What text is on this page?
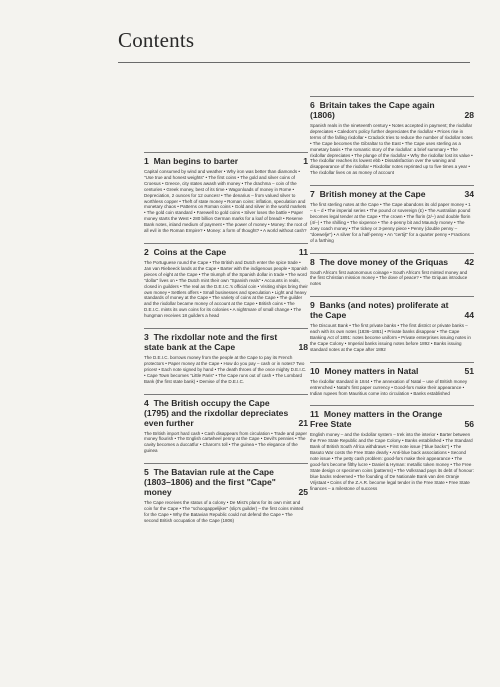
Contents
1 Man begins to barter	1
Capital consumed by wind and weather • Why iron was better than diamonds • "Use true and honest weights" • The first coins • The gold and silver coins of Croesus • Greece, city states awash with money • The drachma – coin of the centuries • Greek money, best of its time • Wagonloads of money in Rome • Depreciation, 2 ounces for 12 ounces! • The denarius – from valued silver to worthless copper • Theft of state money • Roman coins: inflation, speculation and monetary chaos • Patterns on Roman coins • Gold and silver in the world markets • The gold coin standard • Farewell to gold coins • Silver loses the battle • Paper money starts the West • 280 billion German marks for a loaf of bread! • Reserve Bank notes, inland medium of payment • The power of money • Money: the root of all evil in the Roman Empire? • Money: a form of thought? • A world without cash?
2 Coins at the Cape	11
The Portuguese round the Cape • The British and Dutch enter the spice trade • Jan van Riebeeck lands at the Cape • Barter with the indigenous people • Spanish pieces of eight at the Cape • The triumph of the Spanish dollar in trade • The word "dollar" lives on • The Dutch mint their own "Spanish reals" • Accounts in reals, closed in guilders • The real as the D.E.I.C.'s official coin • Visiting ships bring their own money • Settlers offers • Small businesses and speculation • Light and heavy standards of money at the Cape • The variety of coins at the Cape • The guilder and the rixdollar became money of account at the Cape • British coins • The D.E.I.C. mints its own coins for its colonies • A nightmare of small change • The hungman receives 18 guilders a head
3 The rixdollar note and the first state bank at the Cape	18
The D.E.I.C. borrows money from the people at the Cape to pay its French protectors • Paper money at the Cape • How do you pay – cash or in notes? Two prices! • Each note signed by hand • The death throes of the once mighty D.E.I.C. • Cape Town becomes "Little Paris" • The Cape runs out of cash • The Lombard Bank (the first state bank) • Demise of the D.E.I.C.
4 The British occupy the Cape (1795) and the rixdollar depreciates even further	21
The British import hard cash • Cash disappears from circulation • Trade and paper money flourish • The English cartwheel penny at the Cape • Devil's pennies • The cavity becomes a duccatfur • Charon's toll • The guinea • The elegance of the guinea
5 The Batavian rule at the Cape (1803–1806) and the first "Cape" money	25
The Cape receives the status of a colony • De Mist's plans for its own mint and coin for the Cape • The "schoogappelijker" (slip's guilder) – the first coins minted for the Cape • Why the Batavian Republic could not defend the Cape • The second British occupation of the Cape (1806)
6 Britain takes the Cape again (1806)	28
Spanish reals in the nineteenth century • Notes accepted in payment; the rixdollar depreciates • Caledon's policy further depreciates the rixdollar • Prices rise in terms of the falling rixdollar • Cradock tries to reduce the number of rixdollar notes • The Cape becomes the Gibraltar to the East • The Cape uses sterling as a monetary basis • The romantic story of the rixdollar: a brief summary • The rixdollar depreciates • The plunge of the rixdollar • Why the rixdollar lost its value • The rixdollar reaches its lowest ebb • Dissatisfaction over the waning and disappearance of the rixdollar • Rixdollar notes reprinted up to five times a year • The rixdollar lives on as money of account
7 British money at the Cape	34
The first sterling notes at the Cape • The Cape abandons its old paper money • 1 – s – d • The imperial series • The pound or sovereign (£) • The Australian pound becomes legal tender at the Cape • The crown • The florin (2/–) and double florin (4/–) • The shilling • The sixpence • The 4-penny bit and Maundy money • The Joey coach money • The tickey or 3-penny piece • Penny (double penny – "doewelje") • A silver for a half-penny • An "certijt" for a quarter penny • Fractions of a farthing
8 The dove money of the Griquas	42
South Africa's first autonomous coinage • South Africa's first minted money and the first Christian mission money • The dove of peace? • The Griquas introduce notes
9 Banks (and notes) proliferate at the Cape	44
The Discount Bank • The first private banks • The first district or private banks – each with its own notes (1836–1861) • Private banks disappear • The Cape Banking Act of 1891: notes become uniform • Private enterprises issuing notes in the Cape Colony • Imperial banks issuing notes before 1892 • Banks issuing standard notes at the Cape after 1892
10 Money matters in Natal	51
The rixdollar standard in 1844 • The annexation of Natal – use of British money entrenched • Natal's first paper currency • Good-fors make their appearance • Indian rupees from Mauritius come into circulation • Banks established
11 Money matters in the Orange Free State	56
English money – and the rixdollar system – trek into the interior • Barter between the Free State Republic and the Cape Colony • Banks established • The Standard Bank of British South Africa withdraws • First note issue ("blue backs") • The Basuto War costs the Free State dearly • Anti-blue back associations • Second note issue • The petty cash problem: good-fors make their appearance • The good-fors become filthy lucre • Daniel & Hyman: metallic token money • The Free State design or specimen coins (patterns) • The Volksraad pays its debt of honour: blue backs redeemed • The founding of De Nationale Bank van den Oranje Vrijstaat • Coins of the Z.A.R. become legal tender in the Free State • Free State finances – a milestone of success
